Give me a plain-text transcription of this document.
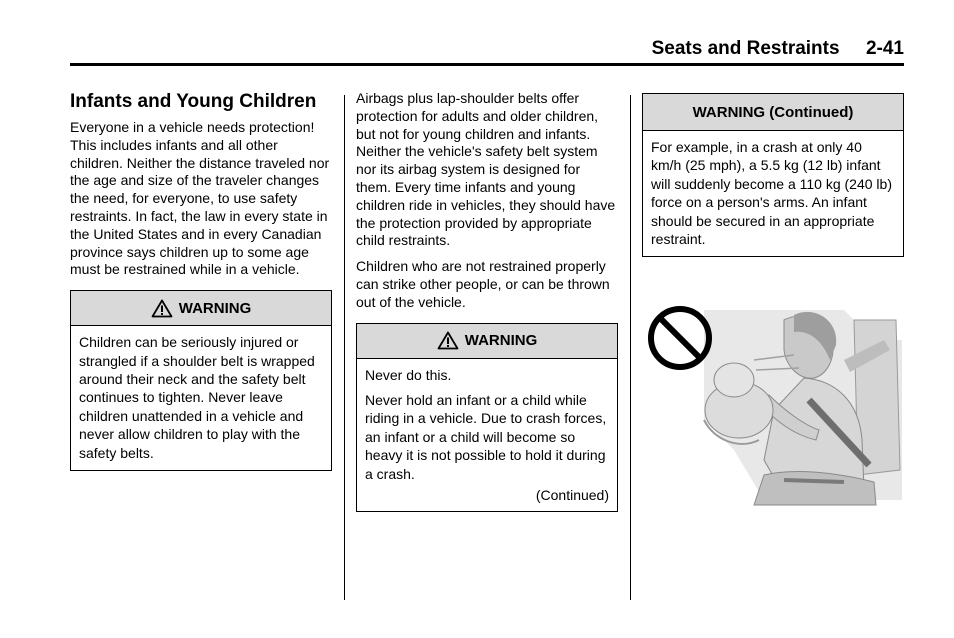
Seats and Restraints 2-41
Infants and Young Children

Everyone in a vehicle needs protection! This includes infants and all other children. Neither the distance traveled nor the age and size of the traveler changes the need, for everyone, to use safety restraints. In fact, the law in every state in the United States and in every Canadian province says children up to some age must be restrained while in a vehicle.

WARNING

Children can be seriously injured or strangled if a shoulder belt is wrapped around their neck and the safety belt continues to tighten. Never leave children unattended in a vehicle and never allow children to play with the safety belts.

Airbags plus lap-shoulder belts offer protection for adults and older children, but not for young children and infants. Neither the vehicle's safety belt system nor its airbag system is designed for them. Every time infants and young children ride in vehicles, they should have the protection provided by appropriate child restraints.

Children who are not restrained properly can strike other people, or can be thrown out of the vehicle.

WARNING

Never do this.

Never hold an infant or a child while riding in a vehicle. Due to crash forces, an infant or a child will become so heavy it is not possible to hold it during a crash.

(Continued)
WARNING (Continued)

For example, in a crash at only 40 km/h (25 mph), a 5.5 kg (12 lb) infant will suddenly become a 110 kg (240 lb) force on a person's arms. An infant should be secured in an appropriate restraint.
